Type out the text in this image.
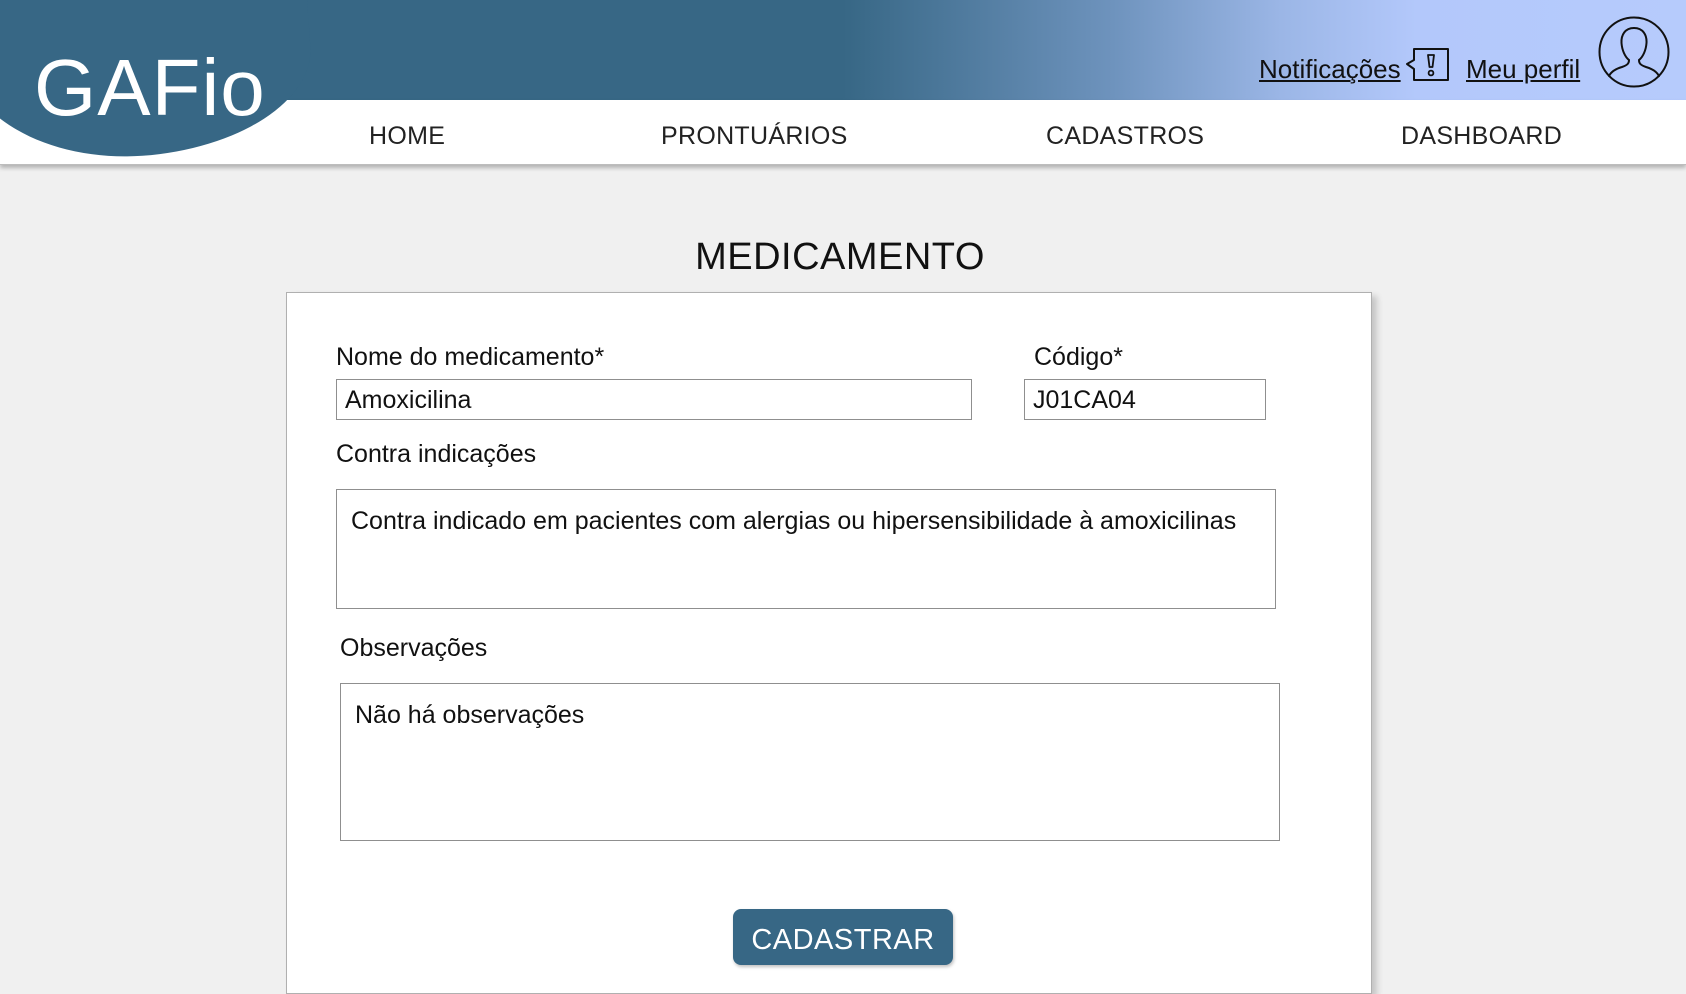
GAFio	Notificações	Meu perfil
HOME	PRONTUÁRIOS	CADASTROS	DASHBOARD
MEDICAMENTO
Nome do medicamento*
Amoxicilina	Código*
J01CA04
Contra indicações
Contra indicado em pacientes com alergias ou hipersensibilidade à amoxicilinas
Observações
Não há observações
CADASTRAR
